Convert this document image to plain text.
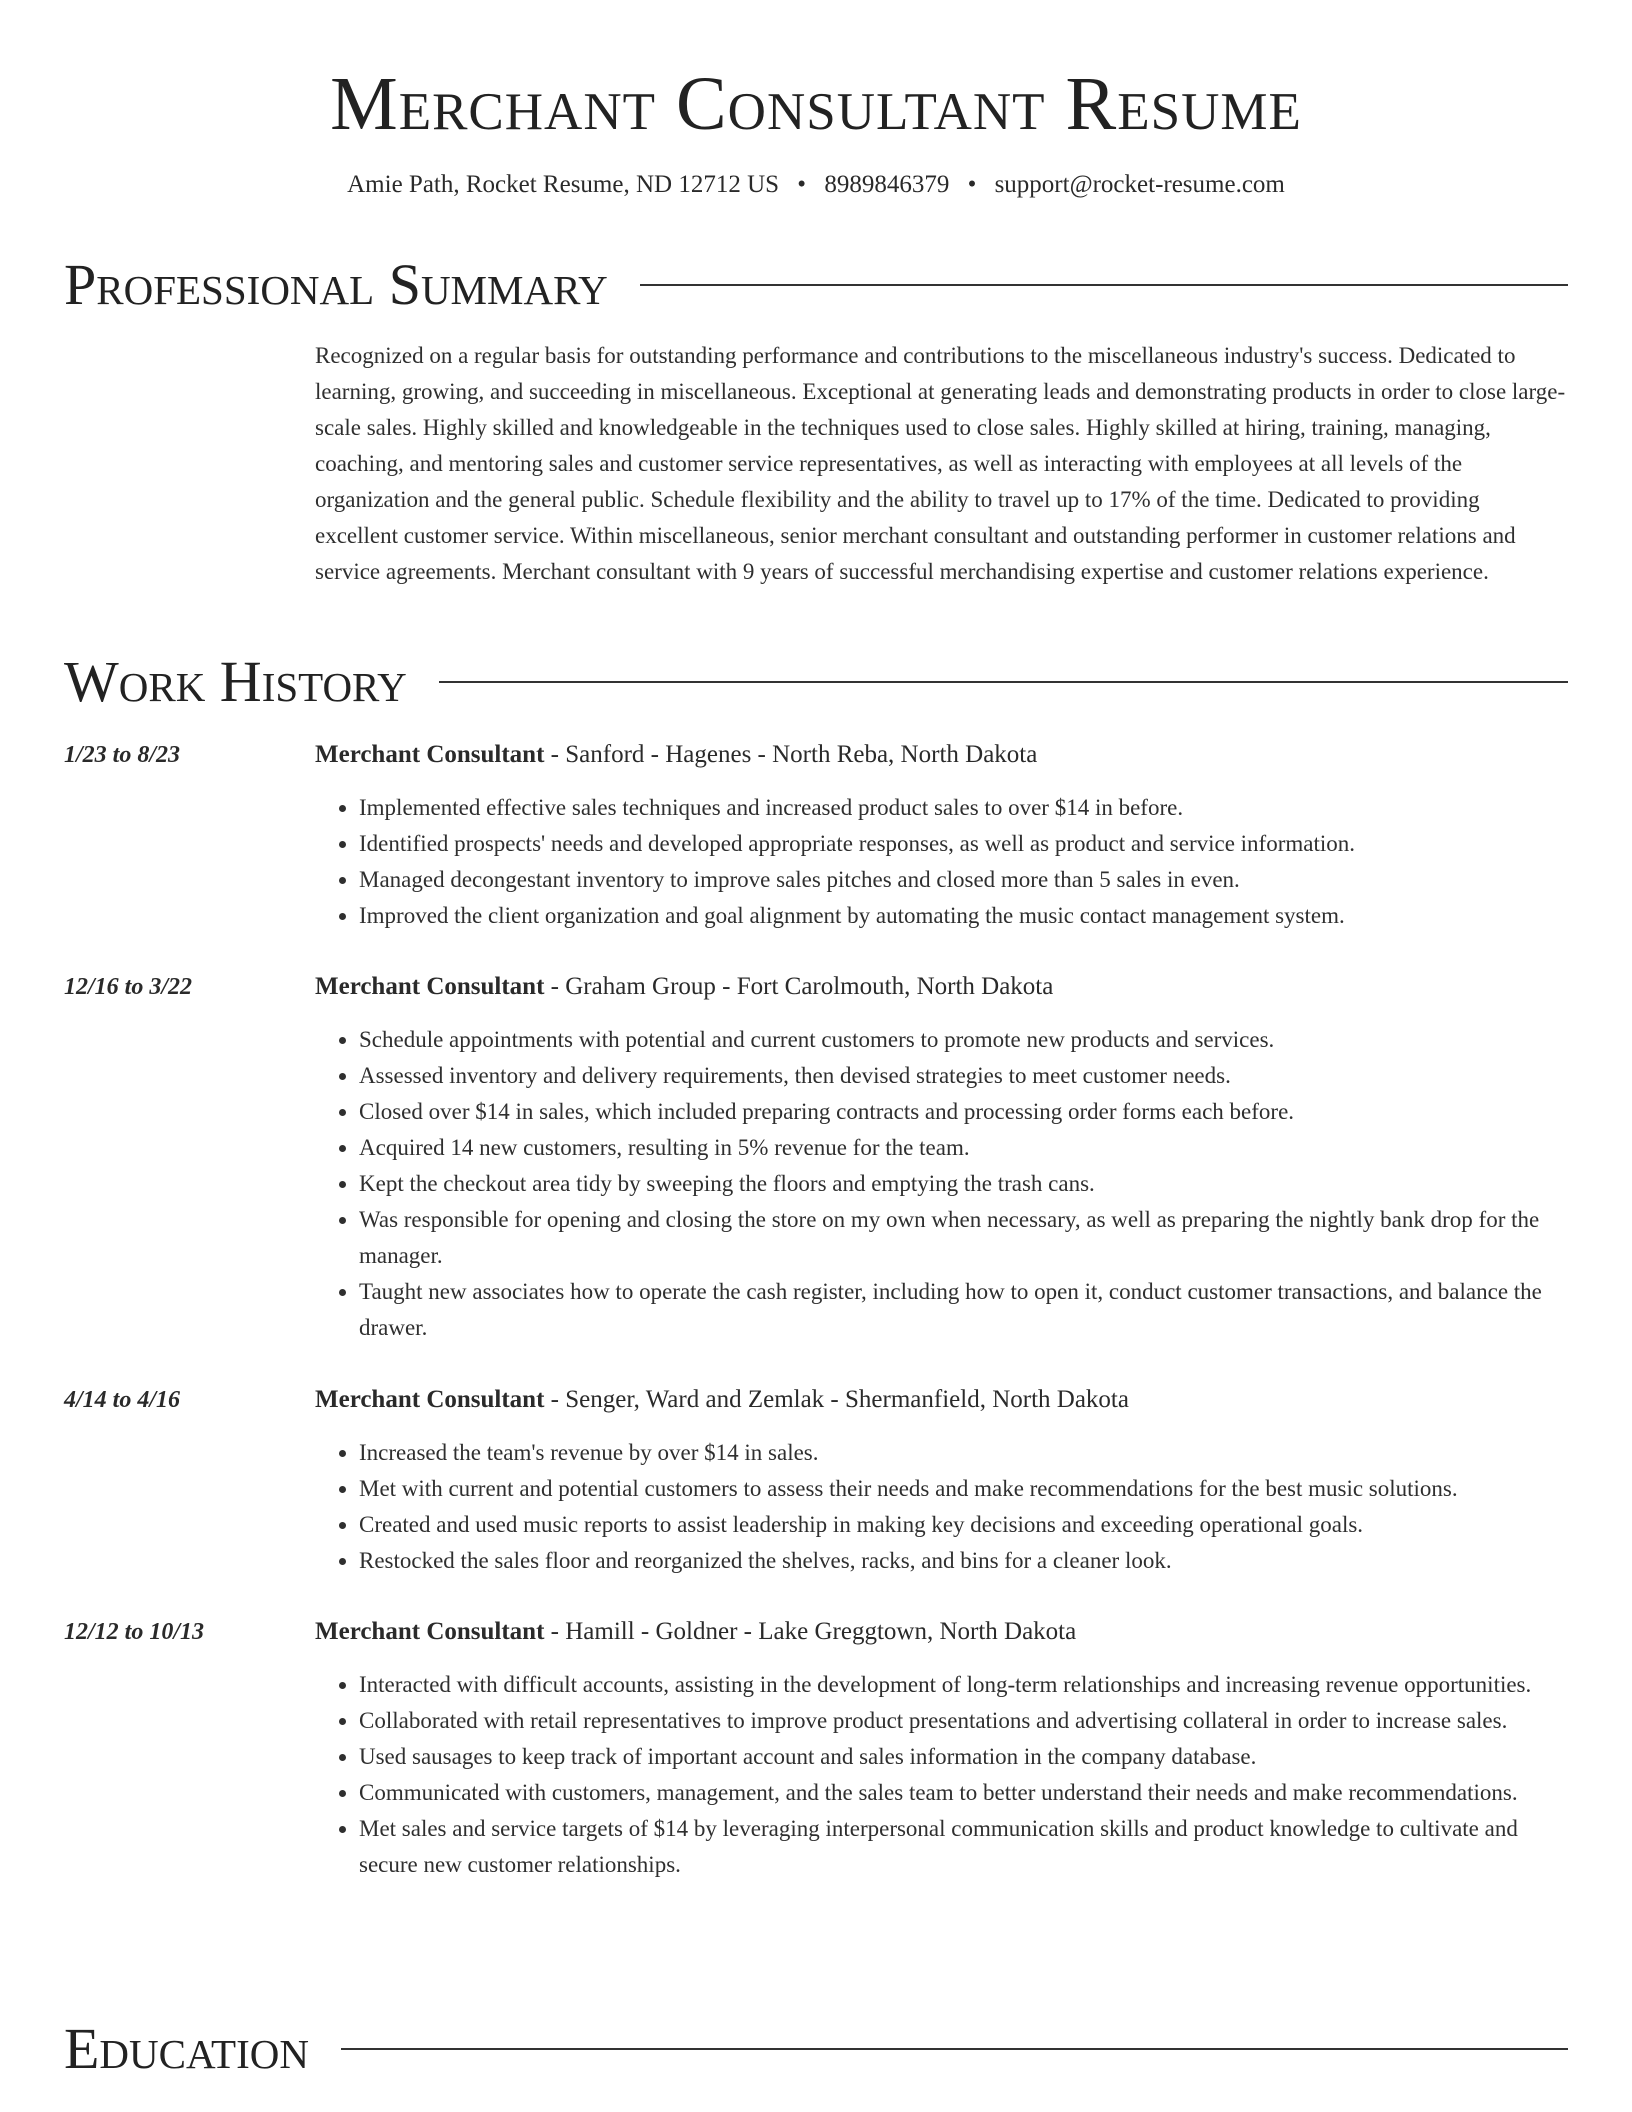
Merchant Consultant Resume
Amie Path, Rocket Resume, ND 12712 US • 8989846379 • support@rocket-resume.com
Professional Summary

Recognized on a regular basis for outstanding performance and contributions to the miscellaneous industry's success. Dedicated to learning, growing, and succeeding in miscellaneous. Exceptional at generating leads and demonstrating products in order to close large-scale sales. Highly skilled and knowledgeable in the techniques used to close sales. Highly skilled at hiring, training, managing, coaching, and mentoring sales and customer service representatives, as well as interacting with employees at all levels of the organization and the general public. Schedule flexibility and the ability to travel up to 17% of the time. Dedicated to providing excellent customer service. Within miscellaneous, senior merchant consultant and outstanding performer in customer relations and service agreements. Merchant consultant with 9 years of successful merchandising expertise and customer relations experience.

Work History
1/23 to 8/23	Merchant Consultant - Sanford - Hagenes - North Reba, North Dakota
• Implemented effective sales techniques and increased product sales to over $14 in before.
• Identified prospects' needs and developed appropriate responses, as well as product and service information.
• Managed decongestant inventory to improve sales pitches and closed more than 5 sales in even.
• Improved the client organization and goal alignment by automating the music contact management system.
12/16 to 3/22	Merchant Consultant - Graham Group - Fort Carolmouth, North Dakota
• Schedule appointments with potential and current customers to promote new products and services.
• Assessed inventory and delivery requirements, then devised strategies to meet customer needs.
• Closed over $14 in sales, which included preparing contracts and processing order forms each before.
• Acquired 14 new customers, resulting in 5% revenue for the team.
• Kept the checkout area tidy by sweeping the floors and emptying the trash cans.
• Was responsible for opening and closing the store on my own when necessary, as well as preparing the nightly bank drop for the manager.
• Taught new associates how to operate the cash register, including how to open it, conduct customer transactions, and balance the drawer.
4/14 to 4/16	Merchant Consultant - Senger, Ward and Zemlak - Shermanfield, North Dakota
• Increased the team's revenue by over $14 in sales.
• Met with current and potential customers to assess their needs and make recommendations for the best music solutions.
• Created and used music reports to assist leadership in making key decisions and exceeding operational goals.
• Restocked the sales floor and reorganized the shelves, racks, and bins for a cleaner look.
12/12 to 10/13	Merchant Consultant - Hamill - Goldner - Lake Greggtown, North Dakota
• Interacted with difficult accounts, assisting in the development of long-term relationships and increasing revenue opportunities.
• Collaborated with retail representatives to improve product presentations and advertising collateral in order to increase sales.
• Used sausages to keep track of important account and sales information in the company database.
• Communicated with customers, management, and the sales team to better understand their needs and make recommendations.
• Met sales and service targets of $14 by leveraging interpersonal communication skills and product knowledge to cultivate and secure new customer relationships.
Education
